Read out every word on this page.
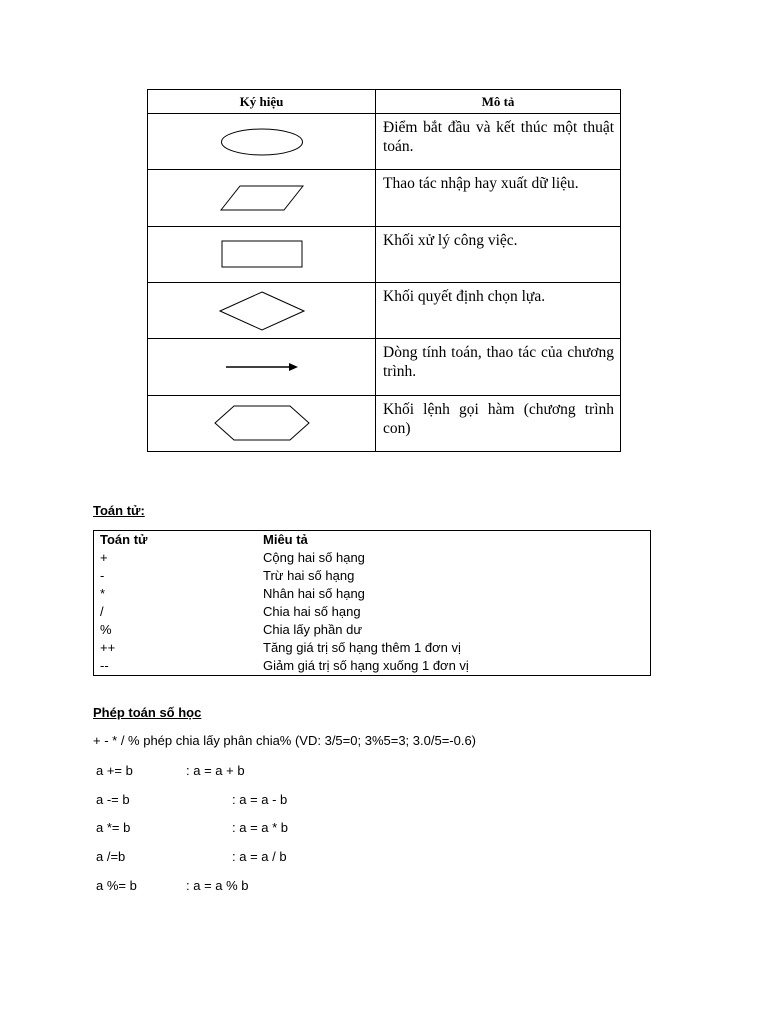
Ký hiệu	Mô tả

	Điểm bắt đầu và kết thúc một thuật toán.

	Thao tác nhập hay xuất dữ liệu.

	Khối xử lý công việc.

	Khối quyết định chọn lựa.

	Dòng tính toán, thao tác của chương trình.

	Khối lệnh gọi hàm (chương trình con)
Toán tử:
Toán tử	Miêu tả
+	Cộng hai số hạng
-	Trừ hai số hạng
*	Nhân hai số hạng
/	Chia hai số hạng
%	Chia lấy phần dư
++	Tăng giá trị số hạng thêm 1 đơn vị
--	Giảm giá trị số hạng xuống 1 đơn vị
Phép toán số học
+ - * / % phép chia lấy phân chia% (VD: 3/5=0; 3%5=3; 3.0/5=-0.6)
a += b	: a = a + b
a -= b	: a = a - b
a *= b	: a = a * b
a /=b	: a = a / b
a %= b	: a = a % b
